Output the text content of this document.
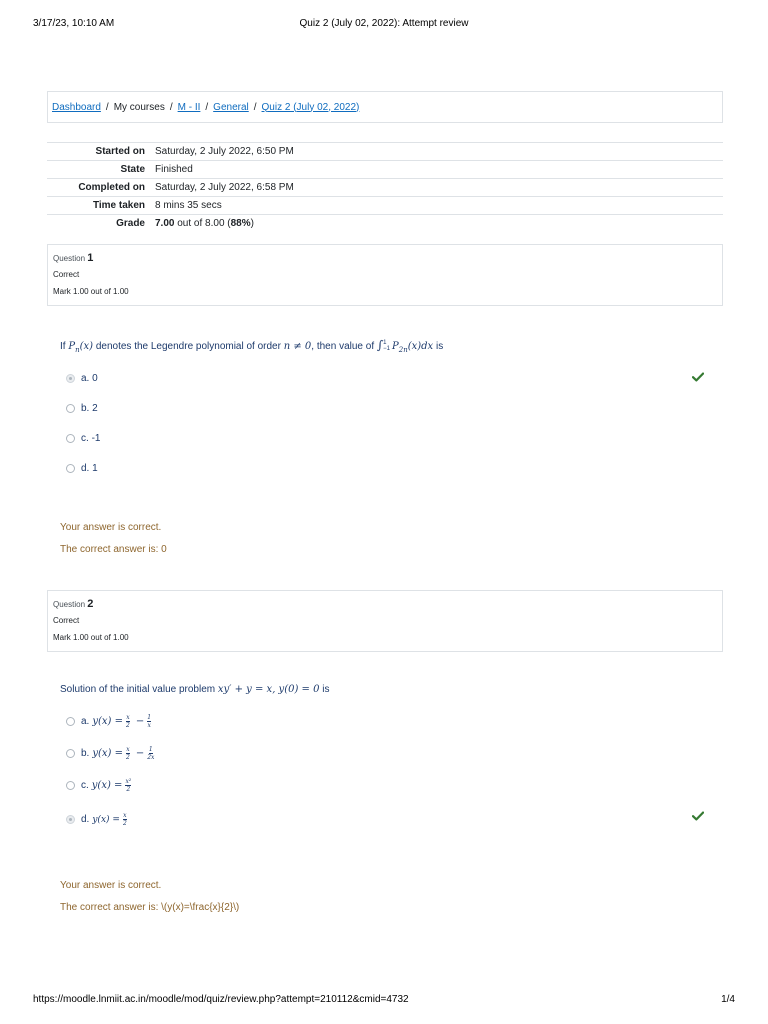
3/17/23, 10:10 AM	Quiz 2 (July 02, 2022): Attempt review
Dashboard / My courses / M - II / General / Quiz 2 (July 02, 2022)
Started on	Saturday, 2 July 2022, 6:50 PM
State	Finished
Completed on	Saturday, 2 July 2022, 6:58 PM
Time taken	8 mins 35 secs
Grade	7.00 out of 8.00 (88%)
Question 1
Correct
Mark 1.00 out of 1.00
If $P_n(x)$ denotes the Legendre polynomial of order n ≠ 0, then value of ∫ 1
−1 $P_{2n}(x)dx$ is
a.
0
b.
2
c.
-1
d.
1
Your answer is correct.
The correct answer is: 0
Question 2
Correct
Mark 1.00 out of 1.00
Solution of the initial value problem xy′ + y = x, y(0) = 0 is
a. $y(x) = \frac{x}{2} - \frac{1}{x}$
b. $y(x) = \frac{x}{2} - \frac{1}{2x}$
c. $y(x) = \frac{\text{x²}}{2}$
d. $y(x) = \frac{x}{2}$
Your answer is correct.
The correct answer is: \(y(x)=\frac{x}{2}\)
https://moodle.lnmiit.ac.in/moodle/mod/quiz/review.php?attempt=210112&cmid=4732	1/4
